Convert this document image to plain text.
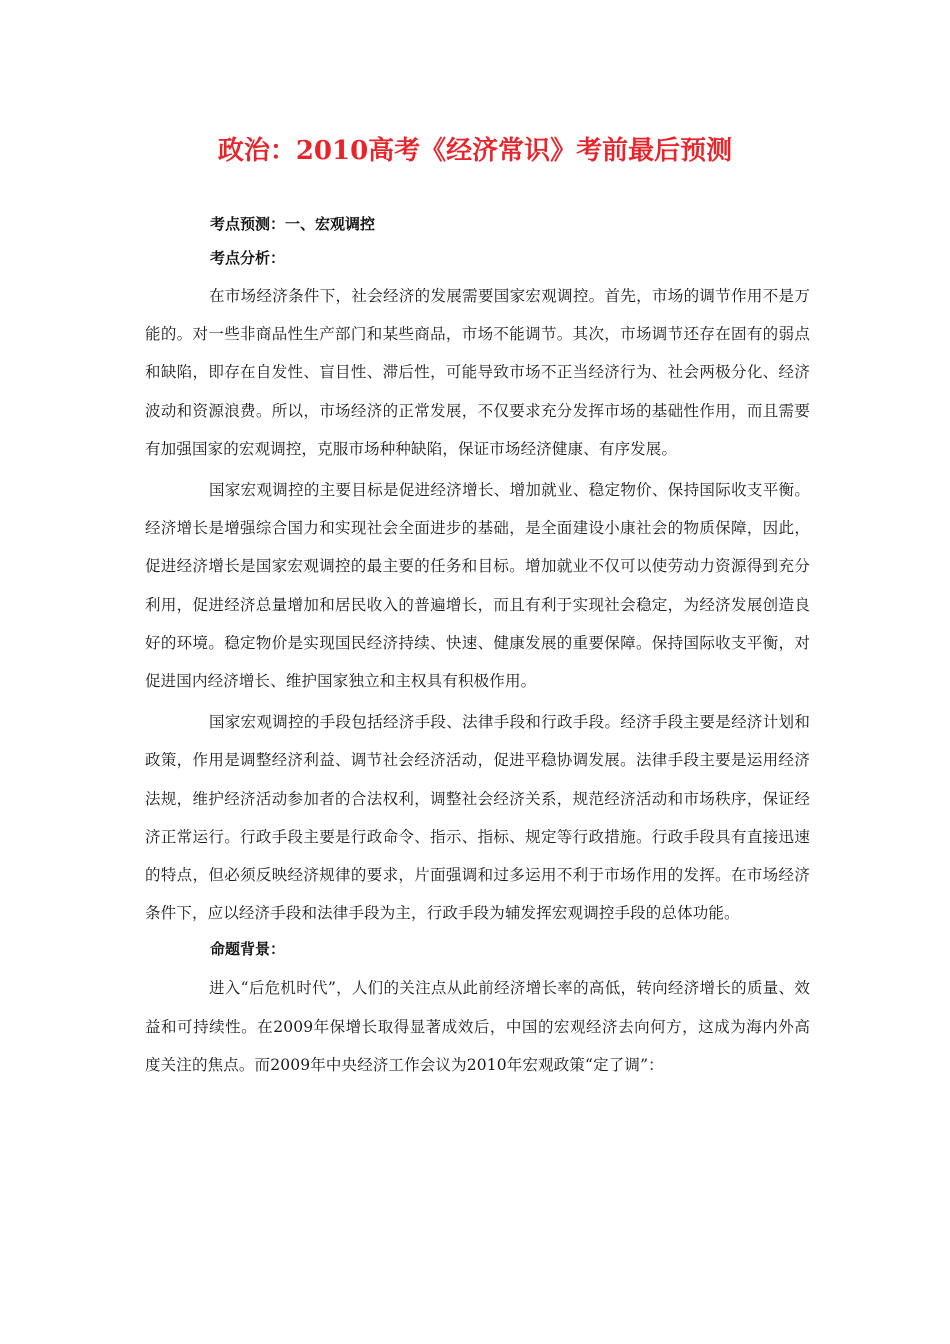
政治：2010高考《经济常识》考前最后预测

考点预测：一、宏观调控

考点分析：

在市场经济条件下，社会经济的发展需要国家宏观调控。首先，市场的调节作用不是万能的。对一些非商品性生产部门和某些商品，市场不能调节。其次，市场调节还存在固有的弱点和缺陷，即存在自发性、盲目性、滞后性，可能导致市场不正当经济行为、社会两极分化、经济波动和资源浪费。所以，市场经济的正常发展，不仅要求充分发挥市场的基础性作用，而且需要有加强国家的宏观调控，克服市场种种缺陷，保证市场经济健康、有序发展。

国家宏观调控的主要目标是促进经济增长、增加就业、稳定物价、保持国际收支平衡。经济增长是增强综合国力和实现社会全面进步的基础，是全面建设小康社会的物质保障，因此，促进经济增长是国家宏观调控的最主要的任务和目标。增加就业不仅可以使劳动力资源得到充分利用，促进经济总量增加和居民收入的普遍增长，而且有利于实现社会稳定，为经济发展创造良好的环境。稳定物价是实现国民经济持续、快速、健康发展的重要保障。保持国际收支平衡，对促进国内经济增长、维护国家独立和主权具有积极作用。

国家宏观调控的手段包括经济手段、法律手段和行政手段。经济手段主要是经济计划和政策，作用是调整经济利益、调节社会经济活动，促进平稳协调发展。法律手段主要是运用经济法规，维护经济活动参加者的合法权利，调整社会经济关系，规范经济活动和市场秩序，保证经济正常运行。行政手段主要是行政命令、指示、指标、规定等行政措施。行政手段具有直接迅速的特点，但必须反映经济规律的要求，片面强调和过多运用不利于市场作用的发挥。在市场经济条件下，应以经济手段和法律手段为主，行政手段为辅发挥宏观调控手段的总体功能。

命题背景：

进入“后危机时代”，人们的关注点从此前经济增长率的高低，转向经济增长的质量、效益和可持续性。在2009年保增长取得显著成效后，中国的宏观经济去向何方，这成为海内外高度关注的焦点。而2009年中央经济工作会议为2010年宏观政策“定了调”：
